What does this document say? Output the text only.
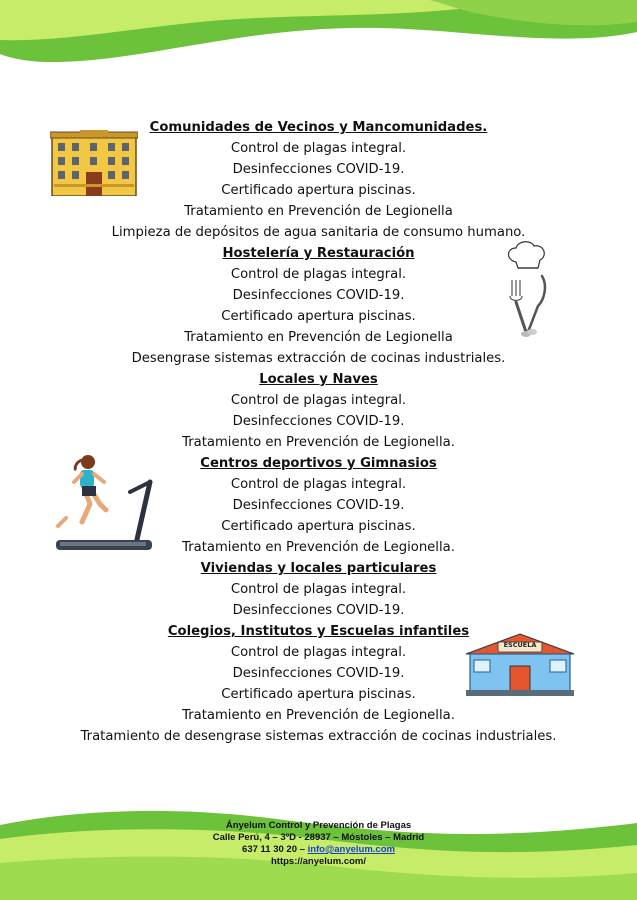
ESCUELA
Comunidades de Vecinos y Mancomunidades.
Control de plagas integral.
Desinfecciones COVID-19.
Certificado apertura piscinas.
Tratamiento en Prevención de Legionella
Limpieza de depósitos de agua sanitaria de consumo humano.
Hostelería y Restauración
Control de plagas integral.
Desinfecciones COVID-19.
Certificado apertura piscinas.
Tratamiento en Prevención de Legionella
Desengrase sistemas extracción de cocinas industriales.
Locales y Naves
Control de plagas integral.
Desinfecciones COVID-19.
Tratamiento en Prevención de Legionella.
Centros deportivos y Gimnasios
Control de plagas integral.
Desinfecciones COVID-19.
Certificado apertura piscinas.
Tratamiento en Prevención de Legionella.
Viviendas y locales particulares
Control de plagas integral.
Desinfecciones COVID-19.
Colegios, Institutos y Escuelas infantiles
Control de plagas integral.
Desinfecciones COVID-19.
Certificado apertura piscinas.
Tratamiento en Prevención de Legionella.
Tratamiento de desengrase sistemas extracción de cocinas industriales.
Ányelum Control y Prevención de Plagas
Calle Perú, 4 – 3ºD - 28937 – Móstoles – Madrid
637 11 30 20 – info@anyelum.com
https://anyelum.com/
